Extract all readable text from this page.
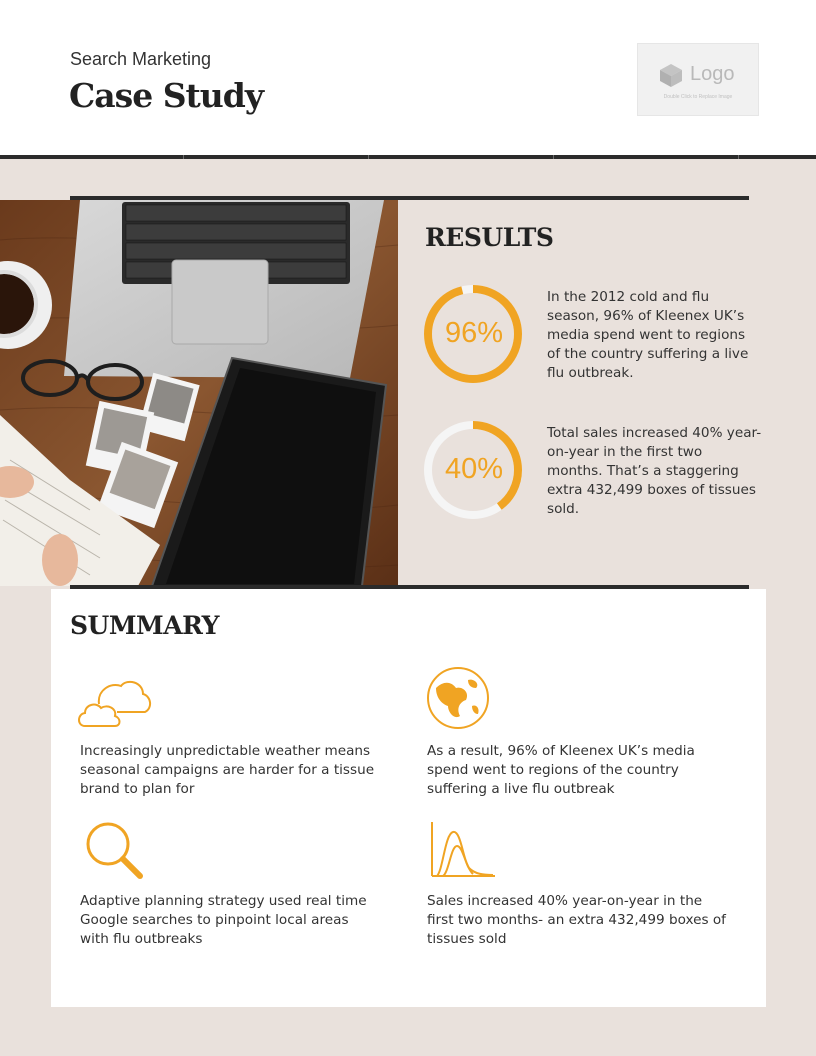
Search Marketing
Case Study
Logo
Double Click to Replace Image
RESULTS
96%
In the 2012 cold and flu season, 96% of Kleenex UK’s media spend went to regions of the country suffering a live flu outbreak.
40%
Total sales increased 40% year-on-year in the first two months. That’s a staggering extra 432,499 boxes of tissues sold.
SUMMARY
Increasingly unpredictable weather means seasonal campaigns are harder for a tissue brand to plan for
As a result, 96% of Kleenex UK’s media spend went to regions of the country suffering a live flu outbreak
Adaptive planning strategy used real time Google searches to pinpoint local areas with flu outbreaks
Sales increased 40% year-on-year in the first two months- an extra 432,499 boxes of tissues sold
